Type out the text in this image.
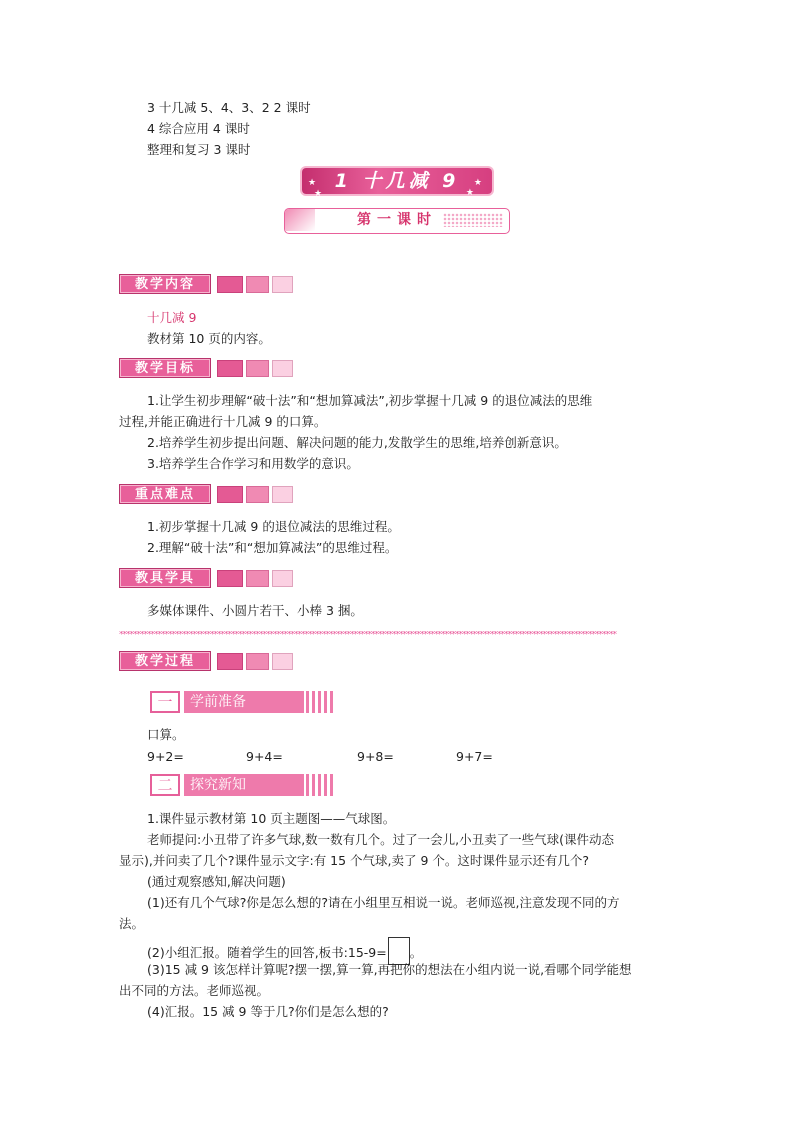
3 十几减 5、4、3、2 2 课时
4 综合应用 4 课时
整理和复习 3 课时
★
★
★
★
1 十几减 9
第一课时
教学内容
十几减 9
教材第 10 页的内容。
教学目标
1.让学生初步理解“破十法”和“想加算减法”,初步掌握十几减 9 的退位减法的思维
过程,并能正确进行十几减 9 的口算。
2.培养学生初步提出问题、解决问题的能力,发散学生的思维,培养创新意识。
3.培养学生合作学习和用数学的意识。
重点难点
1.初步掌握十几减 9 的退位减法的思维过程。
2.理解“破十法”和“想加算减法”的思维过程。
教具学具
多媒体课件、小圆片若干、小棒 3 捆。
**********************************************************************************************************************************************
教学过程
一	学前准备
口算。
9+2=	9+4=	9+8=	9+7=
二	探究新知
1.课件显示教材第 10 页主题图——气球图。
老师提问:小丑带了许多气球,数一数有几个。过了一会儿,小丑卖了一些气球(课件动态
显示),并问卖了几个?课件显示文字:有 15 个气球,卖了 9 个。这时课件显示还有几个?
(通过观察感知,解决问题)
(1)还有几个气球?你是怎么想的?请在小组里互相说一说。老师巡视,注意发现不同的方
法。
(2)小组汇报。随着学生的回答,板书:15-9= 。
(3)15 减 9 该怎样计算呢?摆一摆,算一算,再把你的想法在小组内说一说,看哪个同学能想
出不同的方法。老师巡视。
(4)汇报。15 减 9 等于几?你们是怎么想的?
